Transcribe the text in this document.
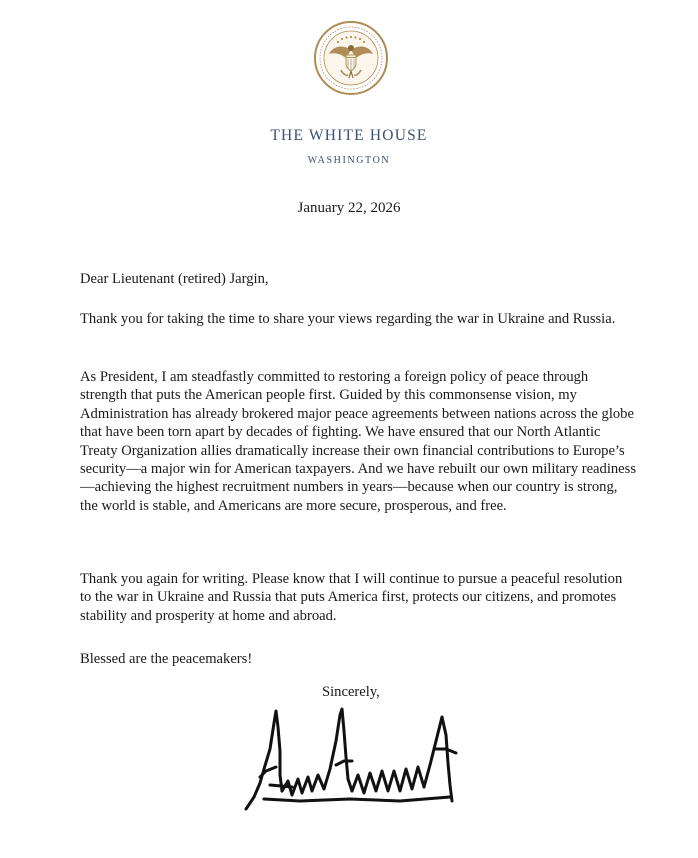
THE WHITE HOUSE
WASHINGTON
January 22, 2026

Dear Lieutenant (retired) Jargin,

Thank you for taking the time to share your views regarding the war in Ukraine and Russia.

As President, I am steadfastly committed to restoring a foreign policy of peace through strength that puts the American people first. Guided by this commonsense vision, my Administration has already brokered major peace agreements between nations across the globe that have been torn apart by decades of fighting. We have ensured that our North Atlantic Treaty Organization allies dramatically increase their own financial contributions to Europe’s security—a major win for American taxpayers. And we have rebuilt our own military readiness—achieving the highest recruitment numbers in years—because when our country is strong, the world is stable, and Americans are more secure, prosperous, and free.

Thank you again for writing. Please know that I will continue to pursue a peaceful resolution to the war in Ukraine and Russia that puts America first, protects our citizens, and promotes stability and prosperity at home and abroad.

Blessed are the peacemakers!

Sincerely,
